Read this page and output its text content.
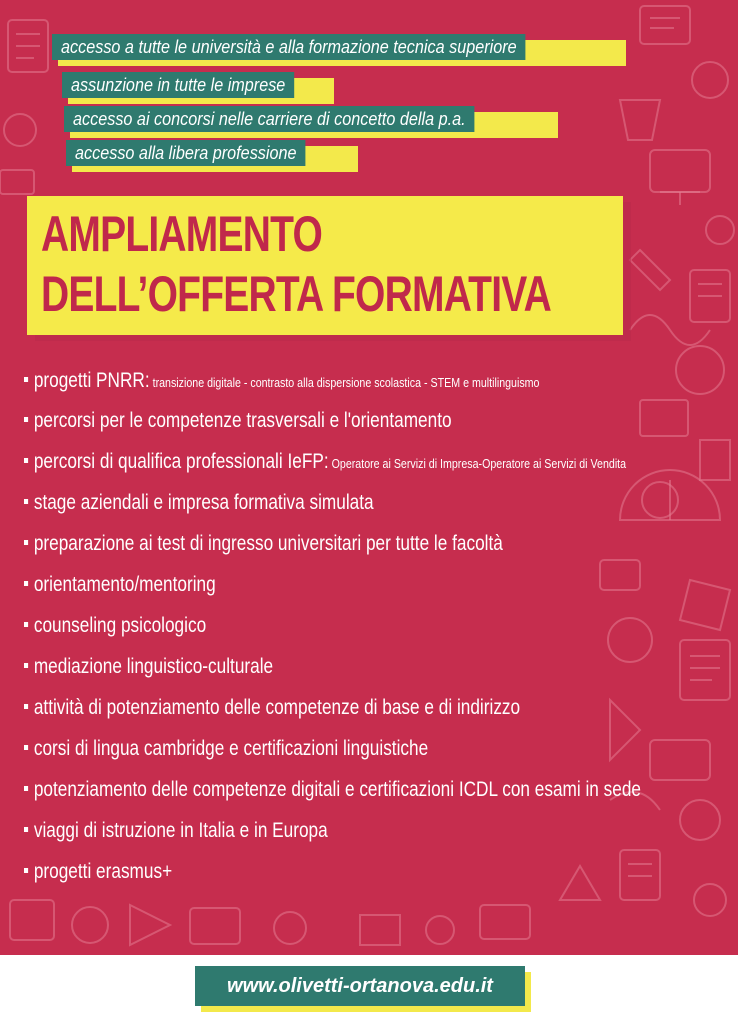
accesso a tutte le università e alla formazione tecnica superiore
assunzione in tutte le imprese
accesso ai concorsi nelle carriere di concetto della p.a.
accesso alla libera professione
AMPLIAMENTO
DELL’OFFERTA FORMATIVA
progetti PNRR: transizione digitale - contrasto alla dispersione scolastica - STEM e multilinguismo
percorsi per le competenze trasversali e l'orientamento
percorsi di qualifica professionali IeFP: Operatore ai Servizi di Impresa-Operatore ai Servizi di Vendita
stage aziendali e impresa formativa simulata
preparazione ai test di ingresso universitari per tutte le facoltà
orientamento/mentoring
counseling psicologico
mediazione linguistico-culturale
attività di potenziamento delle competenze di base e di indirizzo
corsi di lingua cambridge e certificazioni linguistiche
potenziamento delle competenze digitali e certificazioni ICDL con esami in sede
viaggi di istruzione in Italia e in Europa
progetti erasmus+
www.olivetti-ortanova.edu.it
